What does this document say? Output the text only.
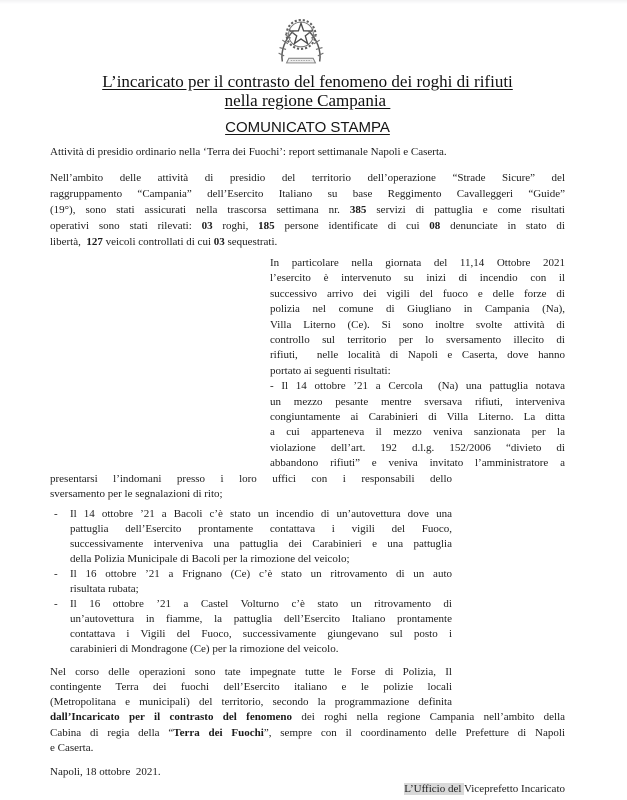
L’incaricato per il contrasto del fenomeno dei roghi di rifiuti
nella regione Campania
COMUNICATO STAMPA
Attività di presidio ordinario nella ‘Terra dei Fuochi’: report settimanale Napoli e Caserta.
Nell’ambito delle attività di presidio del territorio dell’operazione “Strade Sicure” del
raggruppamento “Campania” dell’Esercito Italiano su base Reggimento Cavalleggeri “Guide”
(19°), sono stati assicurati nella trascorsa settimana nr. 385 servizi di pattuglia e come risultati
operativi sono stati rilevati: 03 roghi, 185 persone identificate di cui 08 denunciate in stato di
libertà,  127 veicoli controllati di cui 03 sequestrati.
In particolare nella giornata del 11,14 Ottobre 2021
l’esercito è intervenuto su inizi di incendio con il
successivo arrivo dei vigili del fuoco e delle forze di
polizia nel comune di Giugliano in Campania (Na),
Villa Literno (Ce). Si sono inoltre svolte attività di
controllo sul territorio per lo sversamento illecito di
rifiuti,  nelle località di Napoli e Caserta, dove hanno
portato ai seguenti risultati:
- Il 14 ottobre ’21 a Cercola  (Na) una pattuglia notava
un mezzo pesante mentre sversava rifiuti, interveniva
congiuntamente ai Carabinieri di Villa Literno. La ditta
a cui apparteneva il mezzo veniva sanzionata per la
violazione dell’art. 192 d.l.g. 152/2006 “divieto di
abbandono rifiuti” e veniva invitato l’amministratore a
presentarsi l’indomani presso i loro uffici con i responsabili dello
sversamento per le segnalazioni di rito;
-	Il 14 ottobre ’21 a Bacoli c’è stato un incendio di un’autovettura dove una
pattuglia dell’Esercito prontamente contattava i vigili del Fuoco,
successivamente interveniva una pattuglia dei Carabinieri e una pattuglia
della Polizia Municipale di Bacoli per la rimozione del veicolo;
-	Il 16 ottobre ’21 a Frignano (Ce) c’è stato un ritrovamento di un auto
risultata rubata;
-	Il 16 ottobre ’21 a Castel Volturno c’è stato un ritrovamento di
un’autovettura in fiamme, la pattuglia dell’Esercito Italiano prontamente
contattava i Vigili del Fuoco, successivamente giungevano sul posto i
carabinieri di Mondragone (Ce) per la rimozione del veicolo.
Nel corso delle operazioni sono tate impegnate tutte le Forse di Polizia, Il
contingente Terra dei fuochi dell’Esercito italiano e le polizie locali
(Metropolitana e municipali) del territorio, secondo la programmazione definita
dall’Incaricato per il contrasto del fenomeno dei roghi nella regione Campania nell’ambito della
Cabina di regia della “Terra dei Fuochi”, sempre con il coordinamento delle Prefetture di Napoli
e Caserta.
Napoli, 18 ottobre  2021.
L’Ufficio del Viceprefetto Incaricato
